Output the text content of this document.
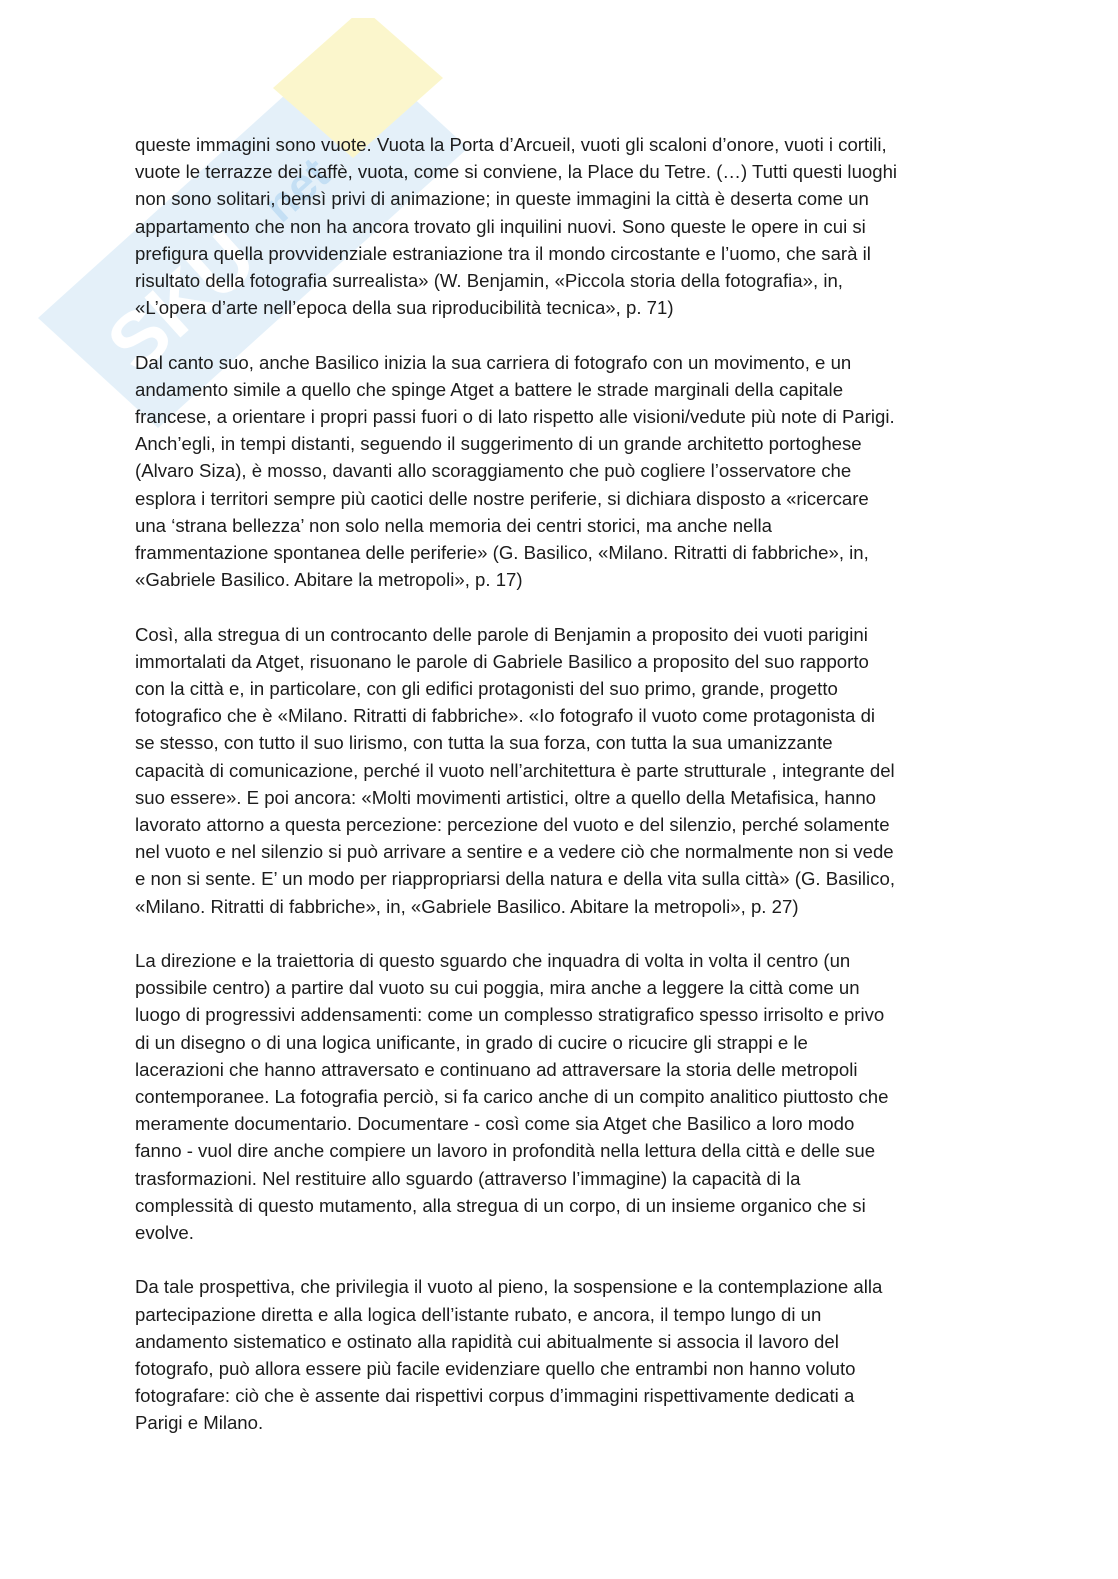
SKU
net

queste immagini sono vuote. Vuota la Porta d’Arcueil, vuoti gli scaloni d’onore, vuoti i cortili,
vuote le terrazze dei caffè, vuota, come si conviene, la Place du Tetre. (…) Tutti questi luoghi
non sono solitari, bensì privi di animazione; in queste immagini la città è deserta come un
appartamento che non ha ancora trovato gli inquilini nuovi. Sono queste le opere in cui si
prefigura quella provvidenziale estraniazione tra il mondo circostante e l’uomo, che sarà il
risultato della fotografia surrealista» (W. Benjamin, «Piccola storia della fotografia», in,
«L’opera d’arte nell’epoca della sua riproducibilità tecnica», p. 71)

Dal canto suo, anche Basilico inizia la sua carriera di fotografo con un movimento, e un
andamento simile a quello che spinge Atget a battere le strade marginali della capitale
francese, a orientare i propri passi fuori o di lato rispetto alle visioni/vedute più note di Parigi.
Anch’egli, in tempi distanti, seguendo il suggerimento di un grande architetto portoghese
(Alvaro Siza), è mosso, davanti allo scoraggiamento che può cogliere l’osservatore che
esplora i territori sempre più caotici delle nostre periferie, si dichiara disposto a «ricercare
una ‘strana bellezza’ non solo nella memoria dei centri storici, ma anche nella
frammentazione spontanea delle periferie» (G. Basilico, «Milano. Ritratti di fabbriche», in,
«Gabriele Basilico. Abitare la metropoli», p. 17)

Così, alla stregua di un controcanto delle parole di Benjamin a proposito dei vuoti parigini
immortalati da Atget, risuonano le parole di Gabriele Basilico a proposito del suo rapporto
con la città e, in particolare, con gli edifici protagonisti del suo primo, grande, progetto
fotografico che è «Milano. Ritratti di fabbriche». «Io fotografo il vuoto come protagonista di
se stesso, con tutto il suo lirismo, con tutta la sua forza, con tutta la sua umanizzante
capacità di comunicazione, perché il vuoto nell’architettura è parte strutturale , integrante del
suo essere». E poi ancora: «Molti movimenti artistici, oltre a quello della Metafisica, hanno
lavorato attorno a questa percezione: percezione del vuoto e del silenzio, perché solamente
nel vuoto e nel silenzio si può arrivare a sentire e a vedere ciò che normalmente non si vede
e non si sente. E’ un modo per riappropriarsi della natura e della vita sulla città» (G. Basilico,
«Milano. Ritratti di fabbriche», in, «Gabriele Basilico. Abitare la metropoli», p. 27)

La direzione e la traiettoria di questo sguardo che inquadra di volta in volta il centro (un
possibile centro) a partire dal vuoto su cui poggia, mira anche a leggere la città come un
luogo di progressivi addensamenti: come un complesso stratigrafico spesso irrisolto e privo
di un disegno o di una logica unificante, in grado di cucire o ricucire gli strappi e le
lacerazioni che hanno attraversato e continuano ad attraversare la storia delle metropoli
contemporanee. La fotografia perciò, si fa carico anche di un compito analitico piuttosto che
meramente documentario. Documentare - così come sia Atget che Basilico a loro modo
fanno - vuol dire anche compiere un lavoro in profondità nella lettura della città e delle sue
trasformazioni. Nel restituire allo sguardo (attraverso l’immagine) la capacità di la
complessità di questo mutamento, alla stregua di un corpo, di un insieme organico che si
evolve.

Da tale prospettiva, che privilegia il vuoto al pieno, la sospensione e la contemplazione alla
partecipazione diretta e alla logica dell’istante rubato, e ancora, il tempo lungo di un
andamento sistematico e ostinato alla rapidità cui abitualmente si associa il lavoro del
fotografo, può allora essere più facile evidenziare quello che entrambi non hanno voluto
fotografare: ciò che è assente dai rispettivi corpus d’immagini rispettivamente dedicati a
Parigi e Milano.
